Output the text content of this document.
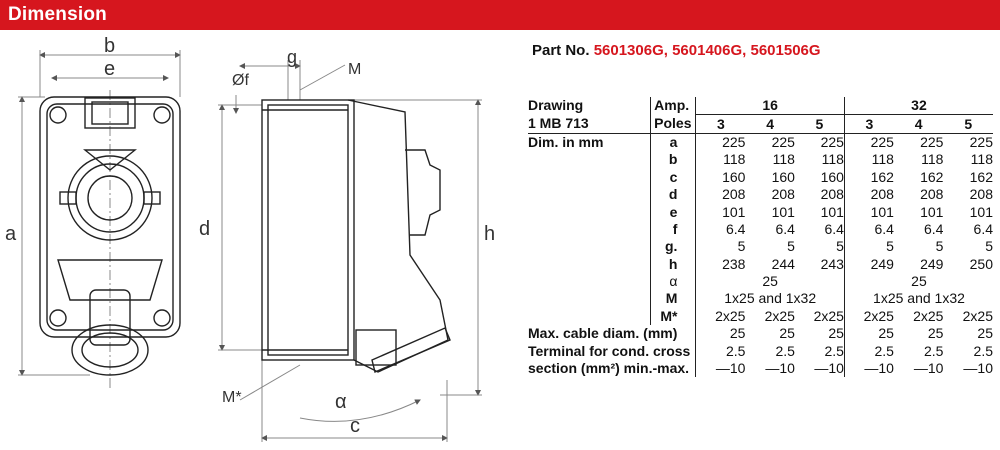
Dimension
b
e
a
Øf
g
M
d	h
M*	α
c
Part No. 5601306G, 5601406G, 5601506G
Drawing	Amp.	16			32		
1 MB 713	Poles	3	4	5	3	4	5
Dim. in mm	a	225	225	225	225	225	225
	b	118	118	118	118	118	118
	c	160	160	160	162	162	162
	d	208	208	208	208	208	208
	e	101	101	101	101	101	101
	f	6.4	6.4	6.4	6.4	6.4	6.4
	g.	5	5	5	5	5	5
	h	238	244	243	249	249	250
	α	25			25		
	M	1x25 and 1x32			1x25 and 1x32		
	M*	2x25	2x25	2x25	2x25	2x25	2x25
Max. cable diam. (mm)		25	25	25	25	25	25
Terminal for cond. cross		2.5	2.5	2.5	2.5	2.5	2.5
section (mm²) min.-max.		—10	—10	—10	—10	—10	—10
